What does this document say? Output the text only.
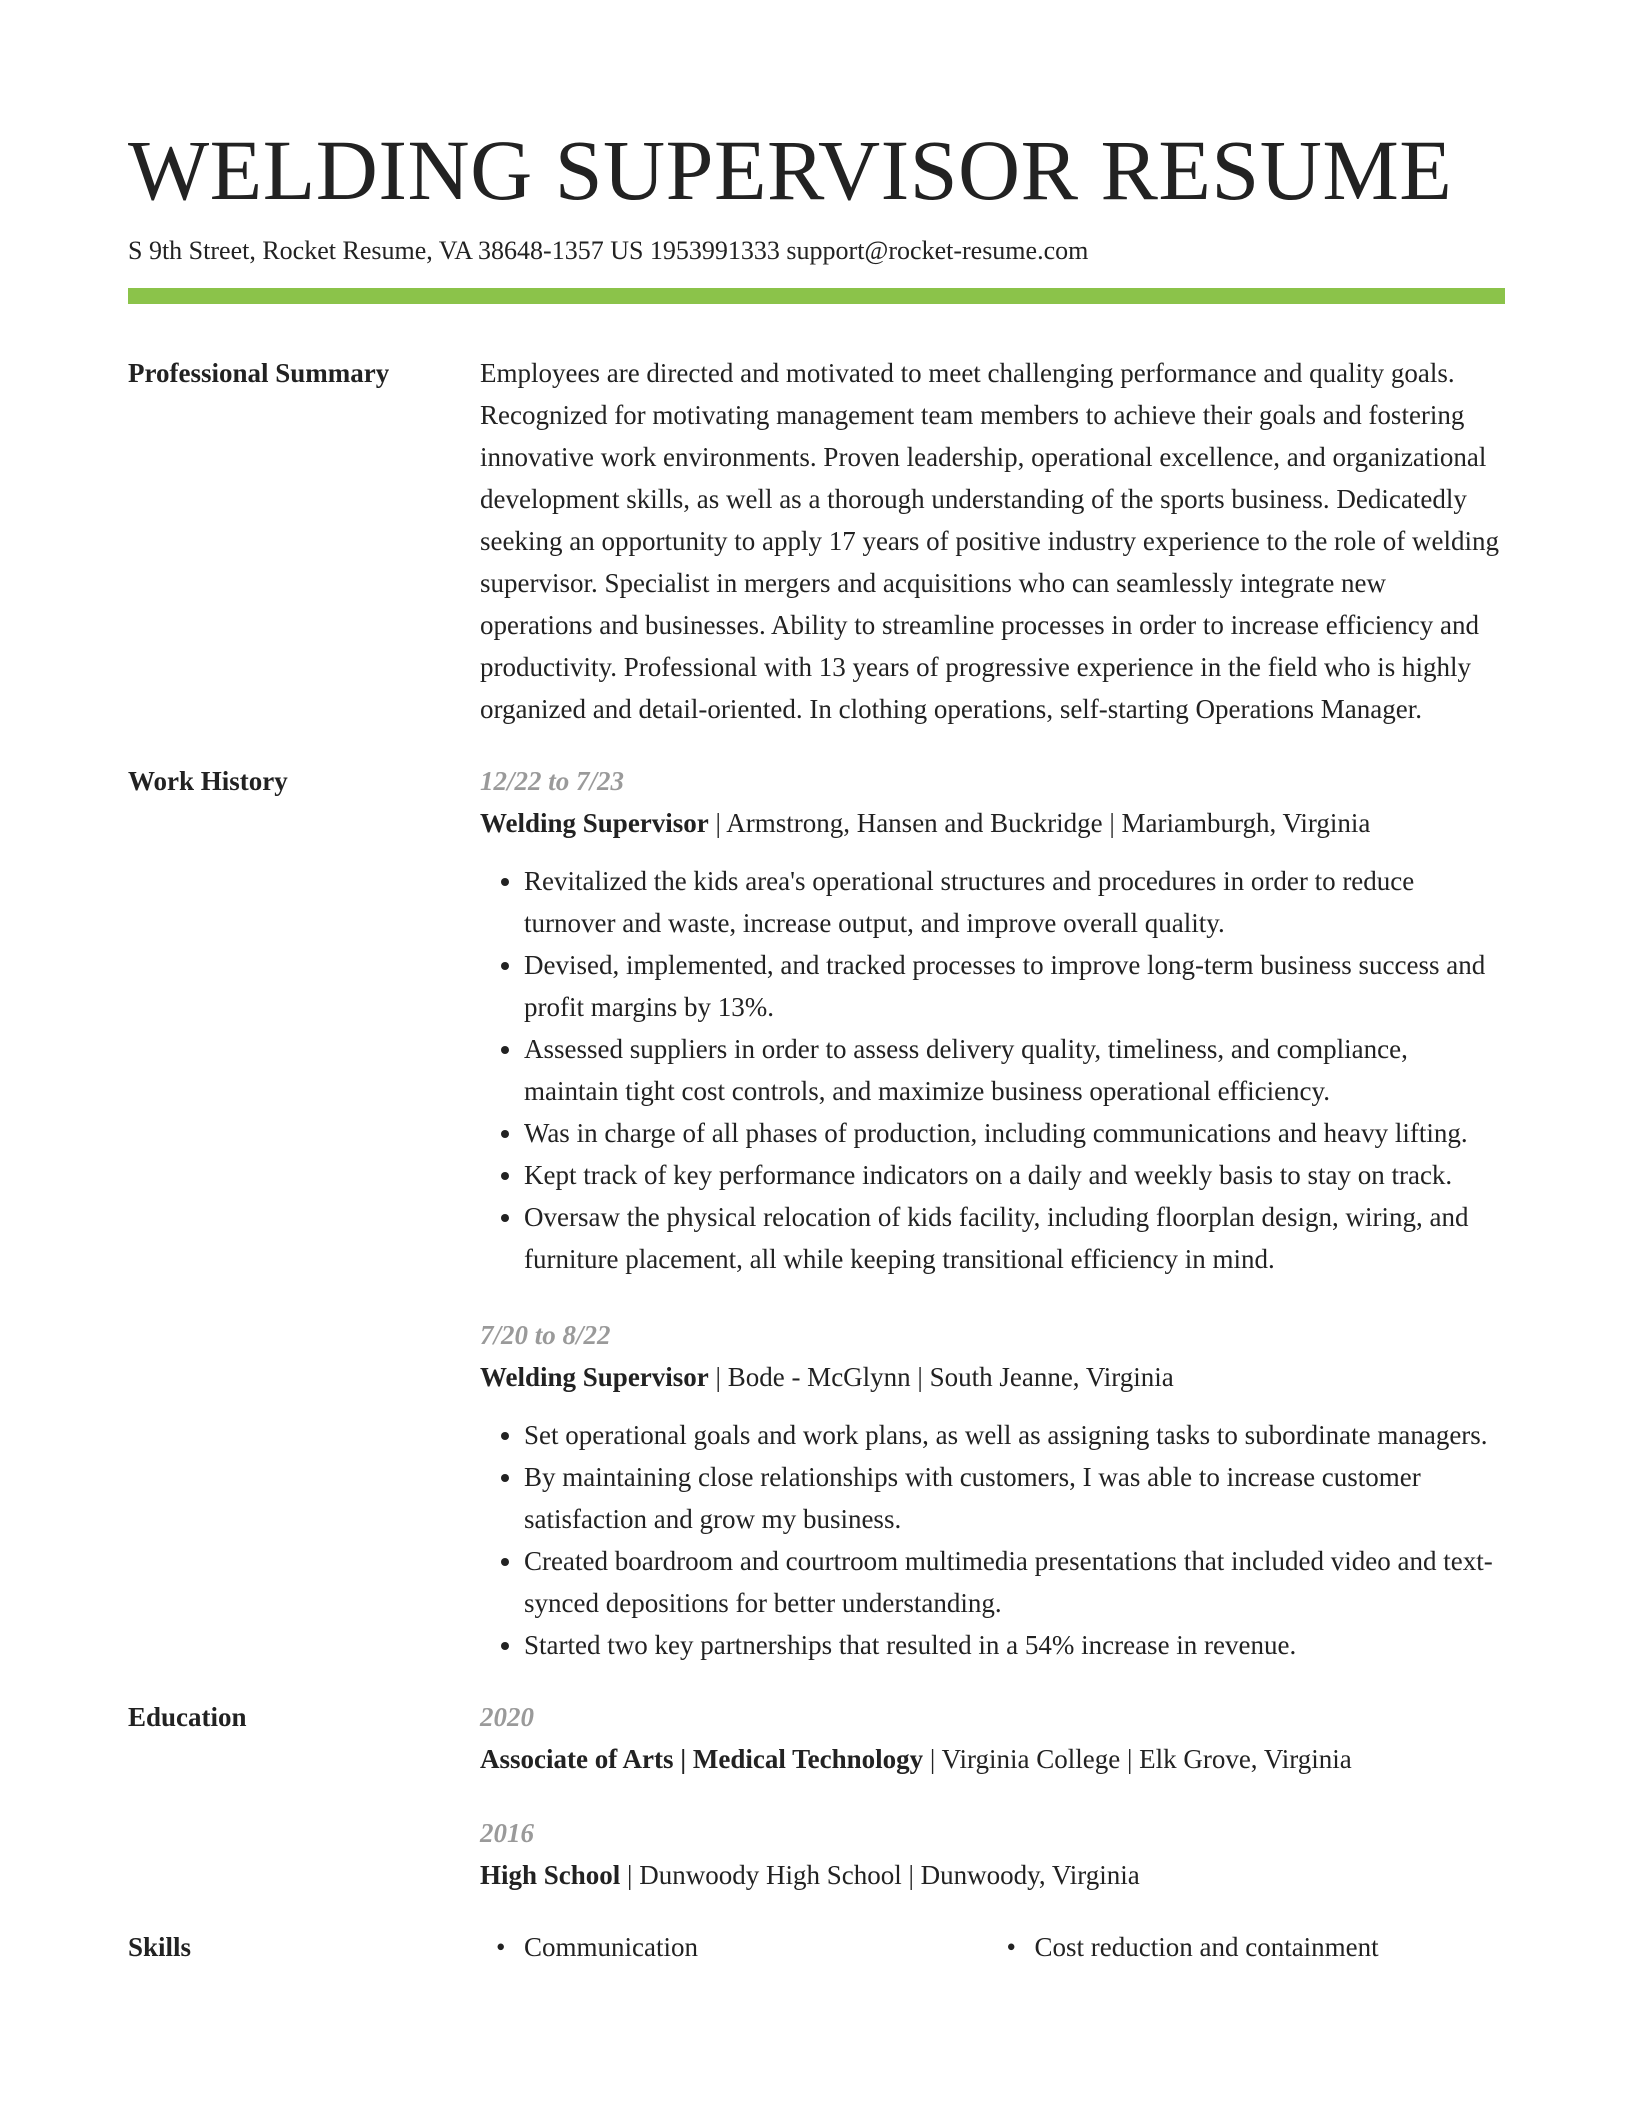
WELDING SUPERVISOR RESUME
S 9th Street, Rocket Resume, VA 38648-1357 US 1953991333 support@rocket-resume.com
Professional Summary	Employees are directed and motivated to meet challenging performance and quality goals. Recognized for motivating management team members to achieve their goals and fostering innovative work environments. Proven leadership, operational excellence, and organizational development skills, as well as a thorough understanding of the sports business. Dedicatedly seeking an opportunity to apply 17 years of positive industry experience to the role of welding supervisor. Specialist in mergers and acquisitions who can seamlessly integrate new operations and businesses. Ability to streamline processes in order to increase efficiency and productivity. Professional with 13 years of progressive experience in the field who is highly organized and detail-oriented. In clothing operations, self-starting Operations Manager.

Work History	12/22 to 7/23
Welding Supervisor | Armstrong, Hansen and Buckridge | Mariamburgh, Virginia
• Revitalized the kids area's operational structures and procedures in order to reduce turnover and waste, increase output, and improve overall quality.
• Devised, implemented, and tracked processes to improve long-term business success and profit margins by 13%.
• Assessed suppliers in order to assess delivery quality, timeliness, and compliance, maintain tight cost controls, and maximize business operational efficiency.
• Was in charge of all phases of production, including communications and heavy lifting.
• Kept track of key performance indicators on a daily and weekly basis to stay on track.
• Oversaw the physical relocation of kids facility, including floorplan design, wiring, and furniture placement, all while keeping transitional efficiency in mind.
7/20 to 8/22
Welding Supervisor | Bode - McGlynn | South Jeanne, Virginia
• Set operational goals and work plans, as well as assigning tasks to subordinate managers.
• By maintaining close relationships with customers, I was able to increase customer satisfaction and grow my business.
• Created boardroom and courtroom multimedia presentations that included video and text-synced depositions for better understanding.
• Started two key partnerships that resulted in a 54% increase in revenue.
Education	2020
Associate of Arts | Medical Technology | Virginia College | Elk Grove, Virginia
2016
High School | Dunwoody High School | Dunwoody, Virginia
Skills	• Communication	• Cost reduction and containment
